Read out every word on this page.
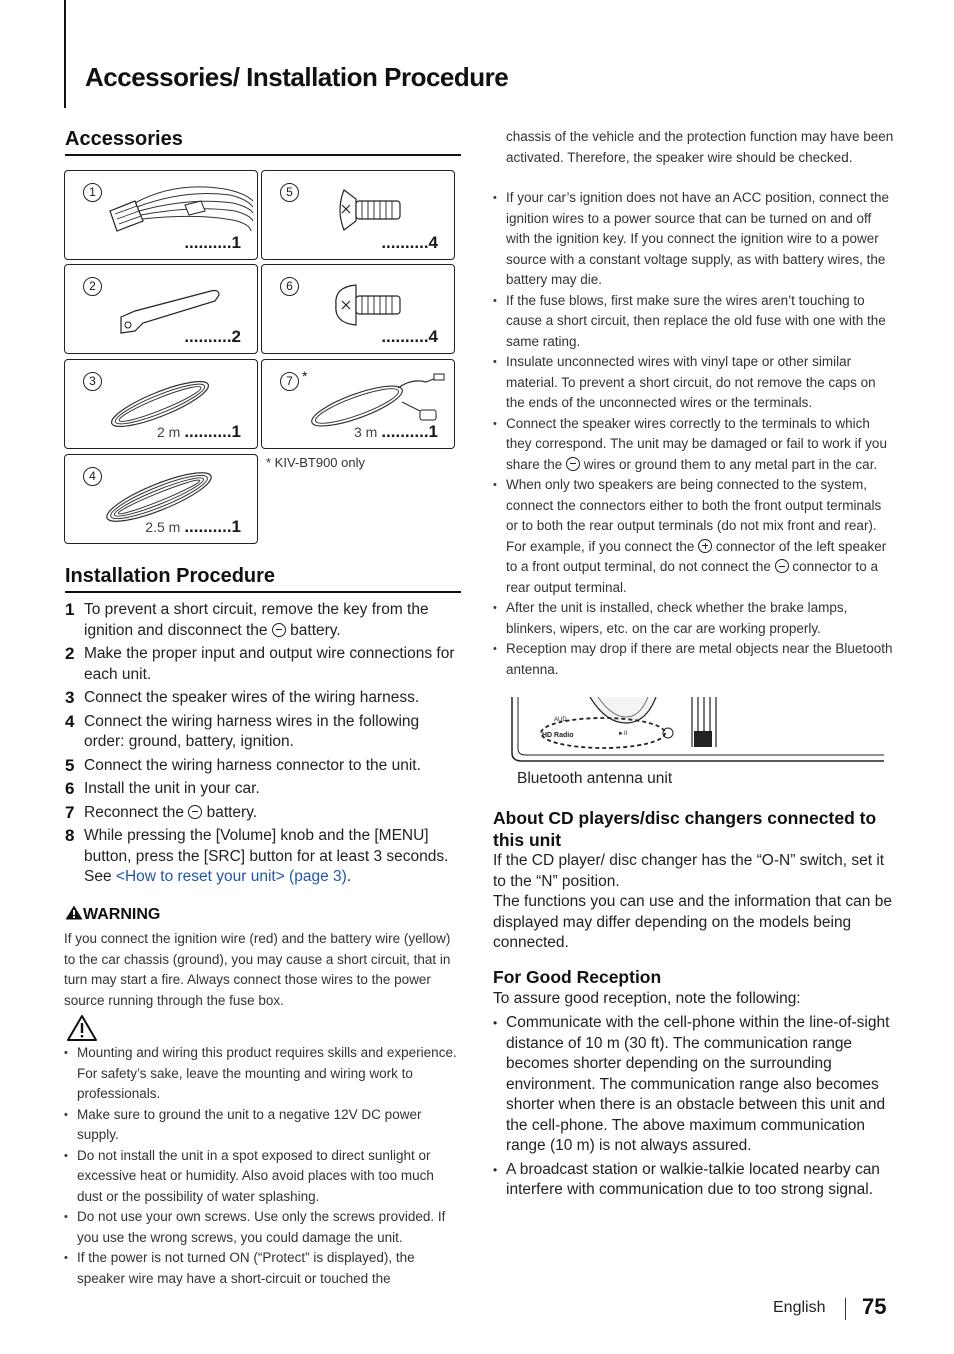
Accessories/ Installation Procedure
Accessories
1
..........1
5
..........4
2
..........2
6
..........4
3
2 m ..........1
7 *
3 m ..........1
4
2.5 m ..........1
* KIV-BT900 only
Installation Procedure
1 To prevent a short circuit, remove the key from the ignition and disconnect the  battery.
2 Make the proper input and output wire connections for each unit.
3 Connect the speaker wires of the wiring harness.
4 Connect the wiring harness wires in the following order: ground, battery, ignition.
5 Connect the wiring harness connector to the unit.
6 Install the unit in your car.
7 Reconnect the  battery.
8 While pressing the [Volume] knob and the [MENU] button, press the [SRC] button for at least 3 seconds. See <How to reset your unit> (page 3).
WARNING

If you connect the ignition wire (red) and the battery wire (yellow) to the car chassis (ground), you may cause a short circuit, that in turn may start a fire. Always connect those wires to the power source running through the fuse box.

• Mounting and wiring this product requires skills and experience. For safety’s sake, leave the mounting and wiring work to professionals.
• Make sure to ground the unit to a negative 12V DC power supply.
• Do not install the unit in a spot exposed to direct sunlight or excessive heat or humidity. Also avoid places with too much dust or the possibility of water splashing.
• Do not use your own screws. Use only the screws provided. If you use the wrong screws, you could damage the unit.
• If the power is not turned ON (“Protect” is displayed), the speaker wire may have a short-circuit or touched the

chassis of the vehicle and the protection function may have been activated. Therefore, the speaker wire should be checked.

• If your car’s ignition does not have an ACC position, connect the ignition wires to a power source that can be turned on and off with the ignition key. If you connect the ignition wire to a power source with a constant voltage supply, as with battery wires, the battery may die.
• If the fuse blows, first make sure the wires aren’t touching to cause a short circuit, then replace the old fuse with one with the same rating.
• Insulate unconnected wires with vinyl tape or other similar material. To prevent a short circuit, do not remove the caps on the ends of the unconnected wires or the terminals.
• Connect the speaker wires correctly to the terminals to which they correspond. The unit may be damaged or fail to work if you share the  wires or ground them to any metal part in the car.
• When only two speakers are being connected to the system, connect the connectors either to both the front output terminals or to both the rear output terminals (do not mix front and rear). For example, if you connect the  connector of the left speaker to a front output terminal, do not connect the  connector to a rear output terminal.
• After the unit is installed, check whether the brake lamps, blinkers, wipers, etc. on the car are working properly.
• Reception may drop if there are metal objects near the Bluetooth antenna.
AUD
HD Radio	►II
Bluetooth antenna unit
About CD players/disc changers connected to this unit

If the CD player/ disc changer has the “O-N” switch, set it to the “N” position.

The functions you can use and the information that can be displayed may differ depending on the models being connected.

For Good Reception

To assure good reception, note the following:

• Communicate with the cell-phone within the line-of-sight distance of 10 m (30 ft). The communication range becomes shorter depending on the surrounding environment. The communication range also becomes shorter when there is an obstacle between this unit and the cell-phone. The above maximum communication range (10 m) is not always assured.
• A broadcast station or walkie-talkie located nearby can interfere with communication due to too strong signal.
English 75
